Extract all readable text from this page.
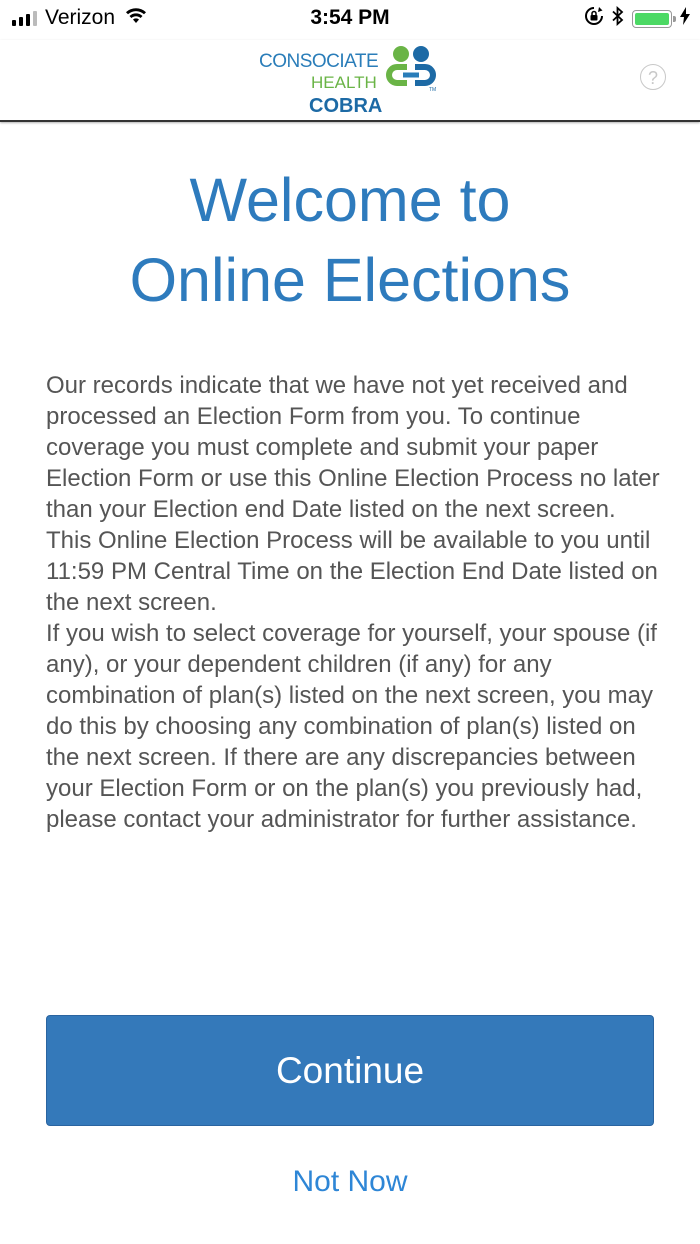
Verizon	3:54 PM
CONSOCIATE
HEALTH
COBRA
TM
?
Welcome to
Online Elections

Our records indicate that we have not yet received and processed an Election Form from you. To continue coverage you must complete and submit your paper Election Form or use this Online Election Process no later than your Election end Date listed on the next screen. This Online Election Process will be available to you until 11:59 PM Central Time on the Election End Date listed on the next screen.

If you wish to select coverage for yourself, your spouse (if any), or your dependent children (if any) for any combination of plan(s) listed on the next screen, you may do this by choosing any combination of plan(s) listed on the next screen. If there are any discrepancies between your Election Form or on the plan(s) you previously had, please contact your administrator for further assistance.

Continue
Not Now
